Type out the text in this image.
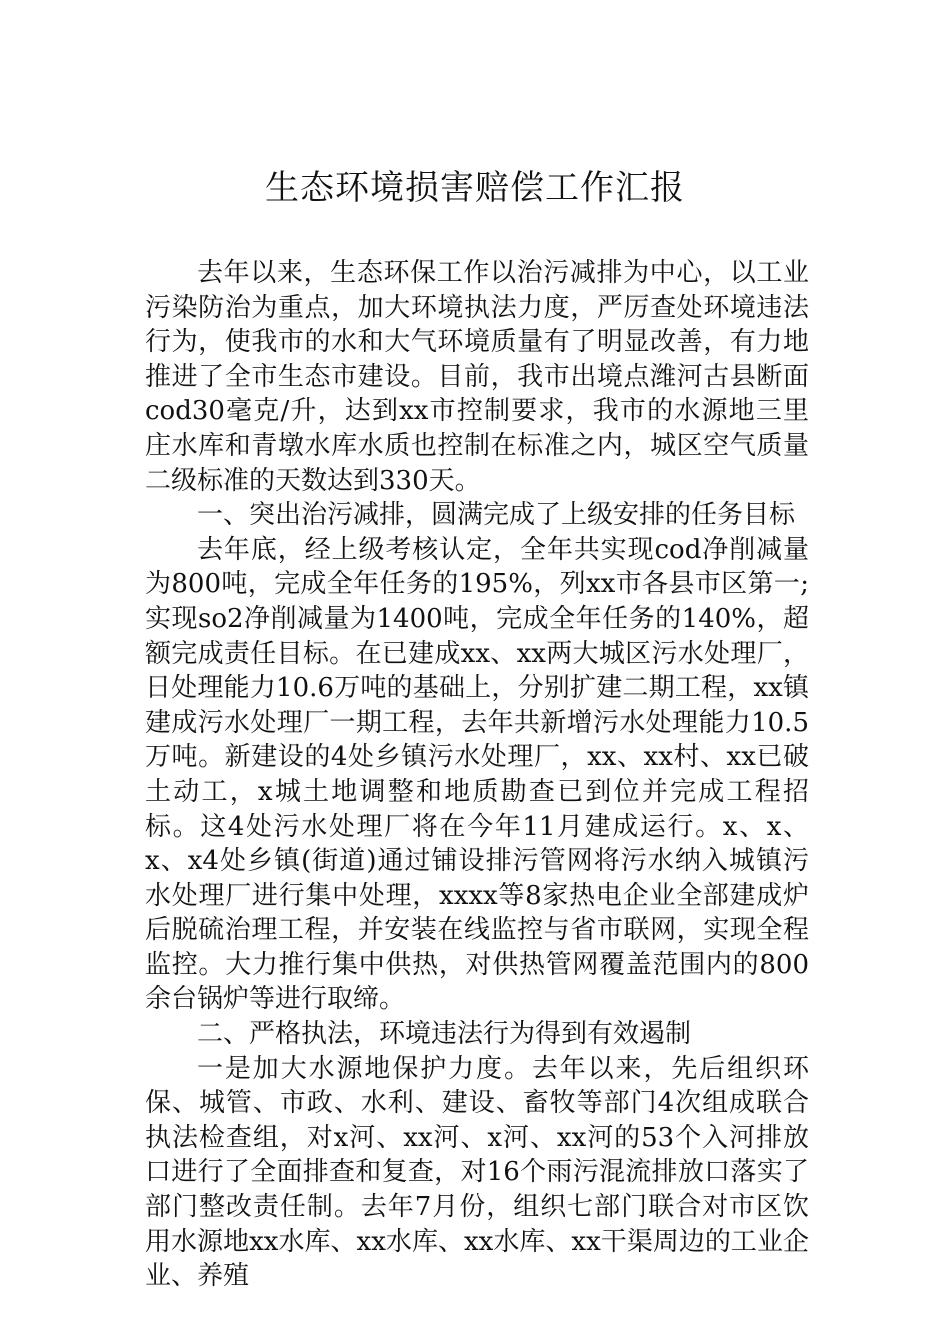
生态环境损害赔偿工作汇报

去年以来，生态环保工作以治污减排为中心，以工业污染防治为重点，加大环境执法力度，严厉查处环境违法行为，使我市的水和大气环境质量有了明显改善，有力地推进了全市生态市建设。目前，我市出境点潍河古县断面cod30毫克/升，达到xx市控制要求，我市的水源地三里庄水库和青墩水库水质也控制在标准之内，城区空气质量二级标准的天数达到330天。

一、突出治污减排，圆满完成了上级安排的任务目标

去年底，经上级考核认定，全年共实现cod净削减量为800吨，完成全年任务的195%，列xx市各县市区第一;实现so2净削减量为1400吨，完成全年任务的140%，超额完成责任目标。在已建成xx、xx两大城区污水处理厂，日处理能力10.6万吨的基础上，分别扩建二期工程，xx镇建成污水处理厂一期工程，去年共新增污水处理能力10.5万吨。新建设的4处乡镇污水处理厂，xx、xx村、xx已破土动工，x城土地调整和地质勘查已到位并完成工程招标。这4处污水处理厂将在今年11月建成运行。x、x、x、x4处乡镇(街道)通过铺设排污管网将污水纳入城镇污水处理厂进行集中处理，xxxx等8家热电企业全部建成炉后脱硫治理工程，并安装在线监控与省市联网，实现全程监控。大力推行集中供热，对供热管网覆盖范围内的800余台锅炉等进行取缔。

二、严格执法，环境违法行为得到有效遏制

一是加大水源地保护力度。去年以来，先后组织环保、城管、市政、水利、建设、畜牧等部门4次组成联合执法检查组，对x河、xx河、x河、xx河的53个入河排放口进行了全面排查和复查，对16个雨污混流排放口落实了部门整改责任制。去年7月份，组织七部门联合对市区饮用水源地xx水库、xx水库、xx水库、xx干渠周边的工业企业、养殖
